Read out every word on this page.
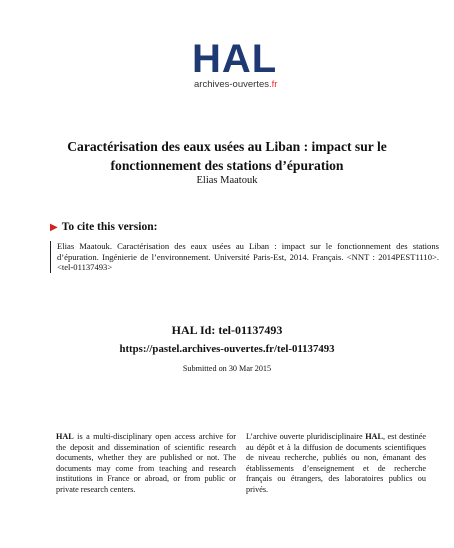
HAL
archives-ouvertes.fr
Caractérisation des eaux usées au Liban : impact sur le fonctionnement des stations d’épuration
Elias Maatouk
▶ To cite this version:
Elias Maatouk. Caractérisation des eaux usées au Liban : impact sur le fonctionnement des stations d’épuration. Ingénierie de l’environnement. Université Paris-Est, 2014. Français. <NNT : 2014PEST1110>. <tel-01137493>
HAL Id: tel-01137493
https://pastel.archives-ouvertes.fr/tel-01137493
Submitted on 30 Mar 2015
HAL is a multi-disciplinary open access archive for the deposit and dissemination of scientific research documents, whether they are published or not. The documents may come from teaching and research institutions in France or abroad, or from public or private research centers.
L’archive ouverte pluridisciplinaire HAL, est destinée au dépôt et à la diffusion de documents scientifiques de niveau recherche, publiés ou non, émanant des établissements d’enseignement et de recherche français ou étrangers, des laboratoires publics ou privés.
